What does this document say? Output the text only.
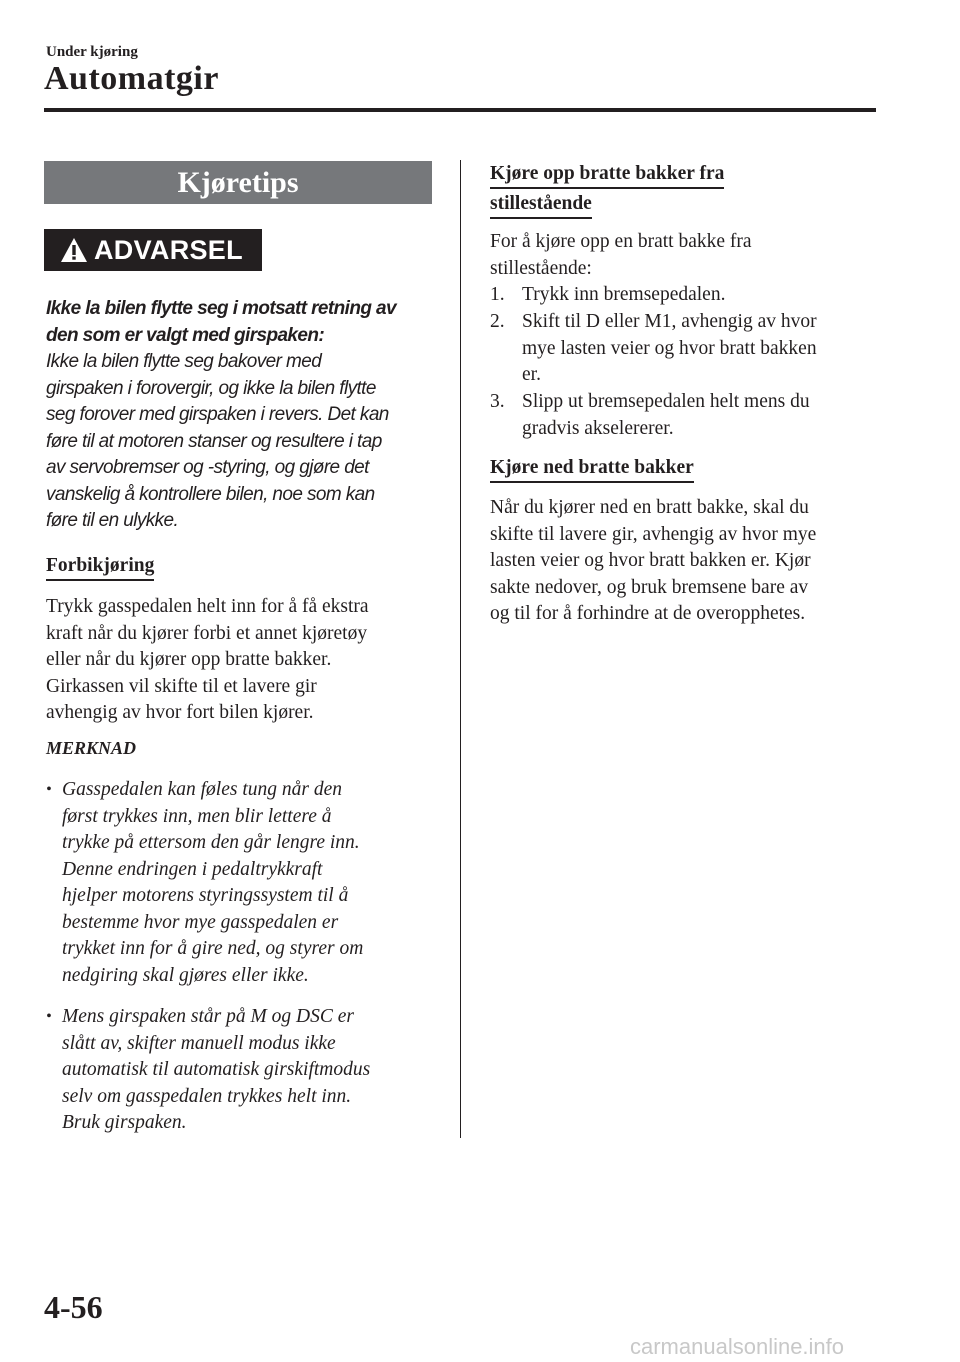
Under kjøring
Automatgir
Kjøretips
ADVARSEL
Ikke la bilen flytte seg i motsatt retning av
den som er valgt med girspaken:
Ikke la bilen flytte seg bakover med
girspaken i forovergir, og ikke la bilen flytte
seg forover med girspaken i revers. Det kan
føre til at motoren stanser og resultere i tap
av servobremser og -styring, og gjøre det
vanskelig å kontrollere bilen, noe som kan
føre til en ulykke.
Forbikjøring
Trykk gasspedalen helt inn for å få ekstra
kraft når du kjører forbi et annet kjøretøy
eller når du kjører opp bratte bakker.
Girkassen vil skifte til et lavere gir
avhengig av hvor fort bilen kjører.
MERKNAD
• Gasspedalen kan føles tung når den
først trykkes inn, men blir lettere å
trykke på ettersom den går lengre inn.
Denne endringen i pedaltrykkraft
hjelper motorens styringssystem til å
bestemme hvor mye gasspedalen er
trykket inn for å gire ned, og styrer om
nedgiring skal gjøres eller ikke.
• Mens girspaken står på M og DSC er
slått av, skifter manuell modus ikke
automatisk til automatisk girskiftmodus
selv om gasspedalen trykkes helt inn.
Bruk girspaken.
Kjøre opp bratte bakker fra
stillestående
For å kjøre opp en bratt bakke fra
stillestående:
1. Trykk inn bremsepedalen.
2. Skift til D eller M1, avhengig av hvor
mye lasten veier og hvor bratt bakken
er.
3. Slipp ut bremsepedalen helt mens du
gradvis akselererer.
Kjøre ned bratte bakker
Når du kjører ned en bratt bakke, skal du
skifte til lavere gir, avhengig av hvor mye
lasten veier og hvor bratt bakken er. Kjør
sakte nedover, og bruk bremsene bare av
og til for å forhindre at de overopphetes.
4-56
carmanualsonline.info
